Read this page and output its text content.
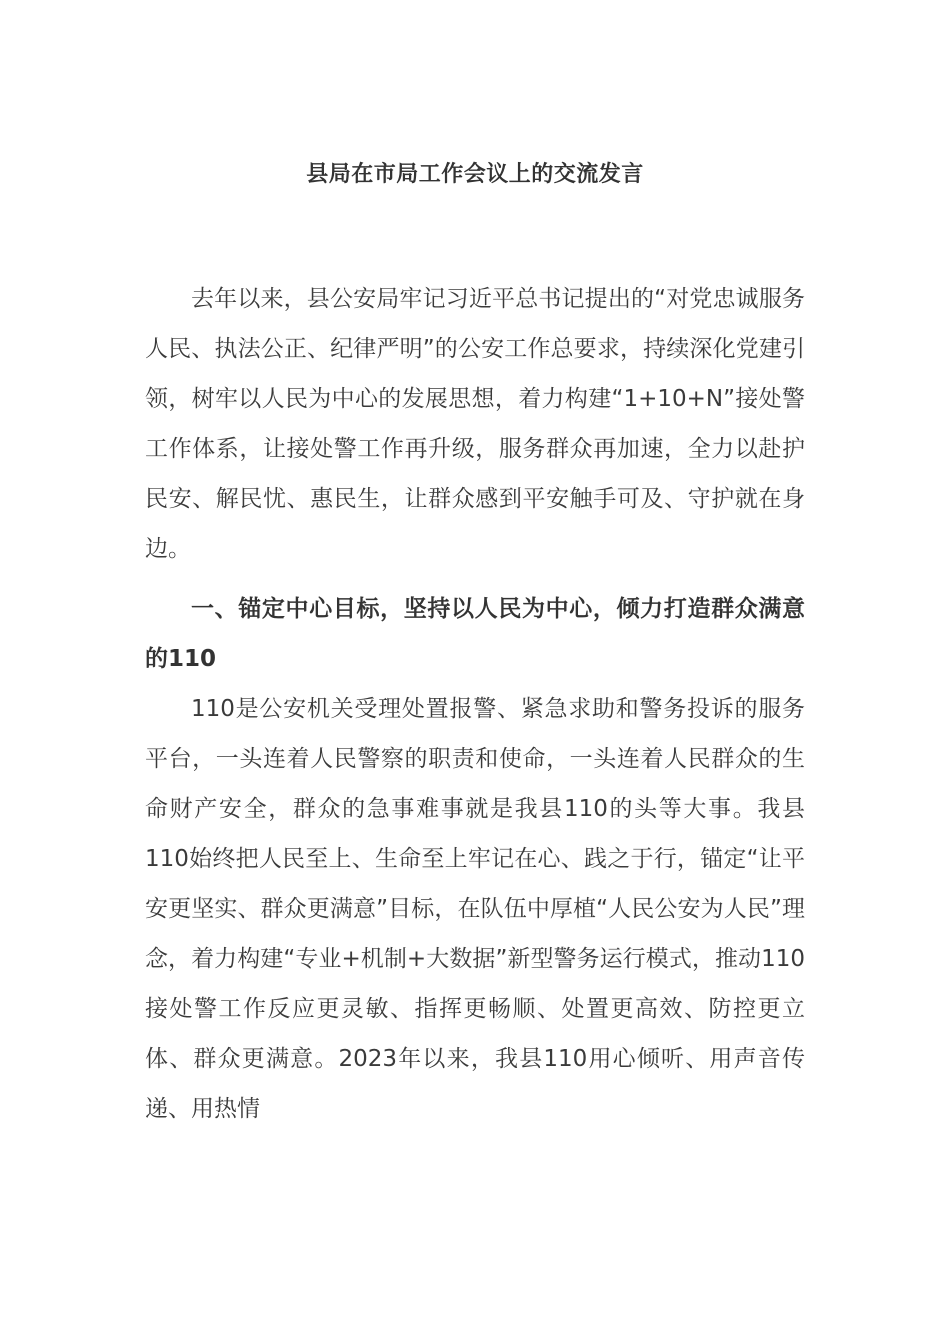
县局在市局工作会议上的交流发言

去年以来，县公安局牢记习近平总书记提出的“对党忠诚服务人民、执法公正、纪律严明”的公安工作总要求，持续深化党建引领，树牢以人民为中心的发展思想，着力构建“1+10+N”接处警工作体系，让接处警工作再升级，服务群众再加速，全力以赴护民安、解民忧、惠民生，让群众感到平安触手可及、守护就在身边。

一、锚定中心目标，坚持以人民为中心，倾力打造群众满意的110

110是公安机关受理处置报警、紧急求助和警务投诉的服务平台，一头连着人民警察的职责和使命，一头连着人民群众的生命财产安全，群众的急事难事就是我县110的头等大事。我县110始终把人民至上、生命至上牢记在心、践之于行，锚定“让平安更坚实、群众更满意”目标，在队伍中厚植“人民公安为人民”理念，着力构建“专业+机制+大数据”新型警务运行模式，推动110接处警工作反应更灵敏、指挥更畅顺、处置更高效、防控更立体、群众更满意。2023年以来，我县110用心倾听、用声音传递、用热情
